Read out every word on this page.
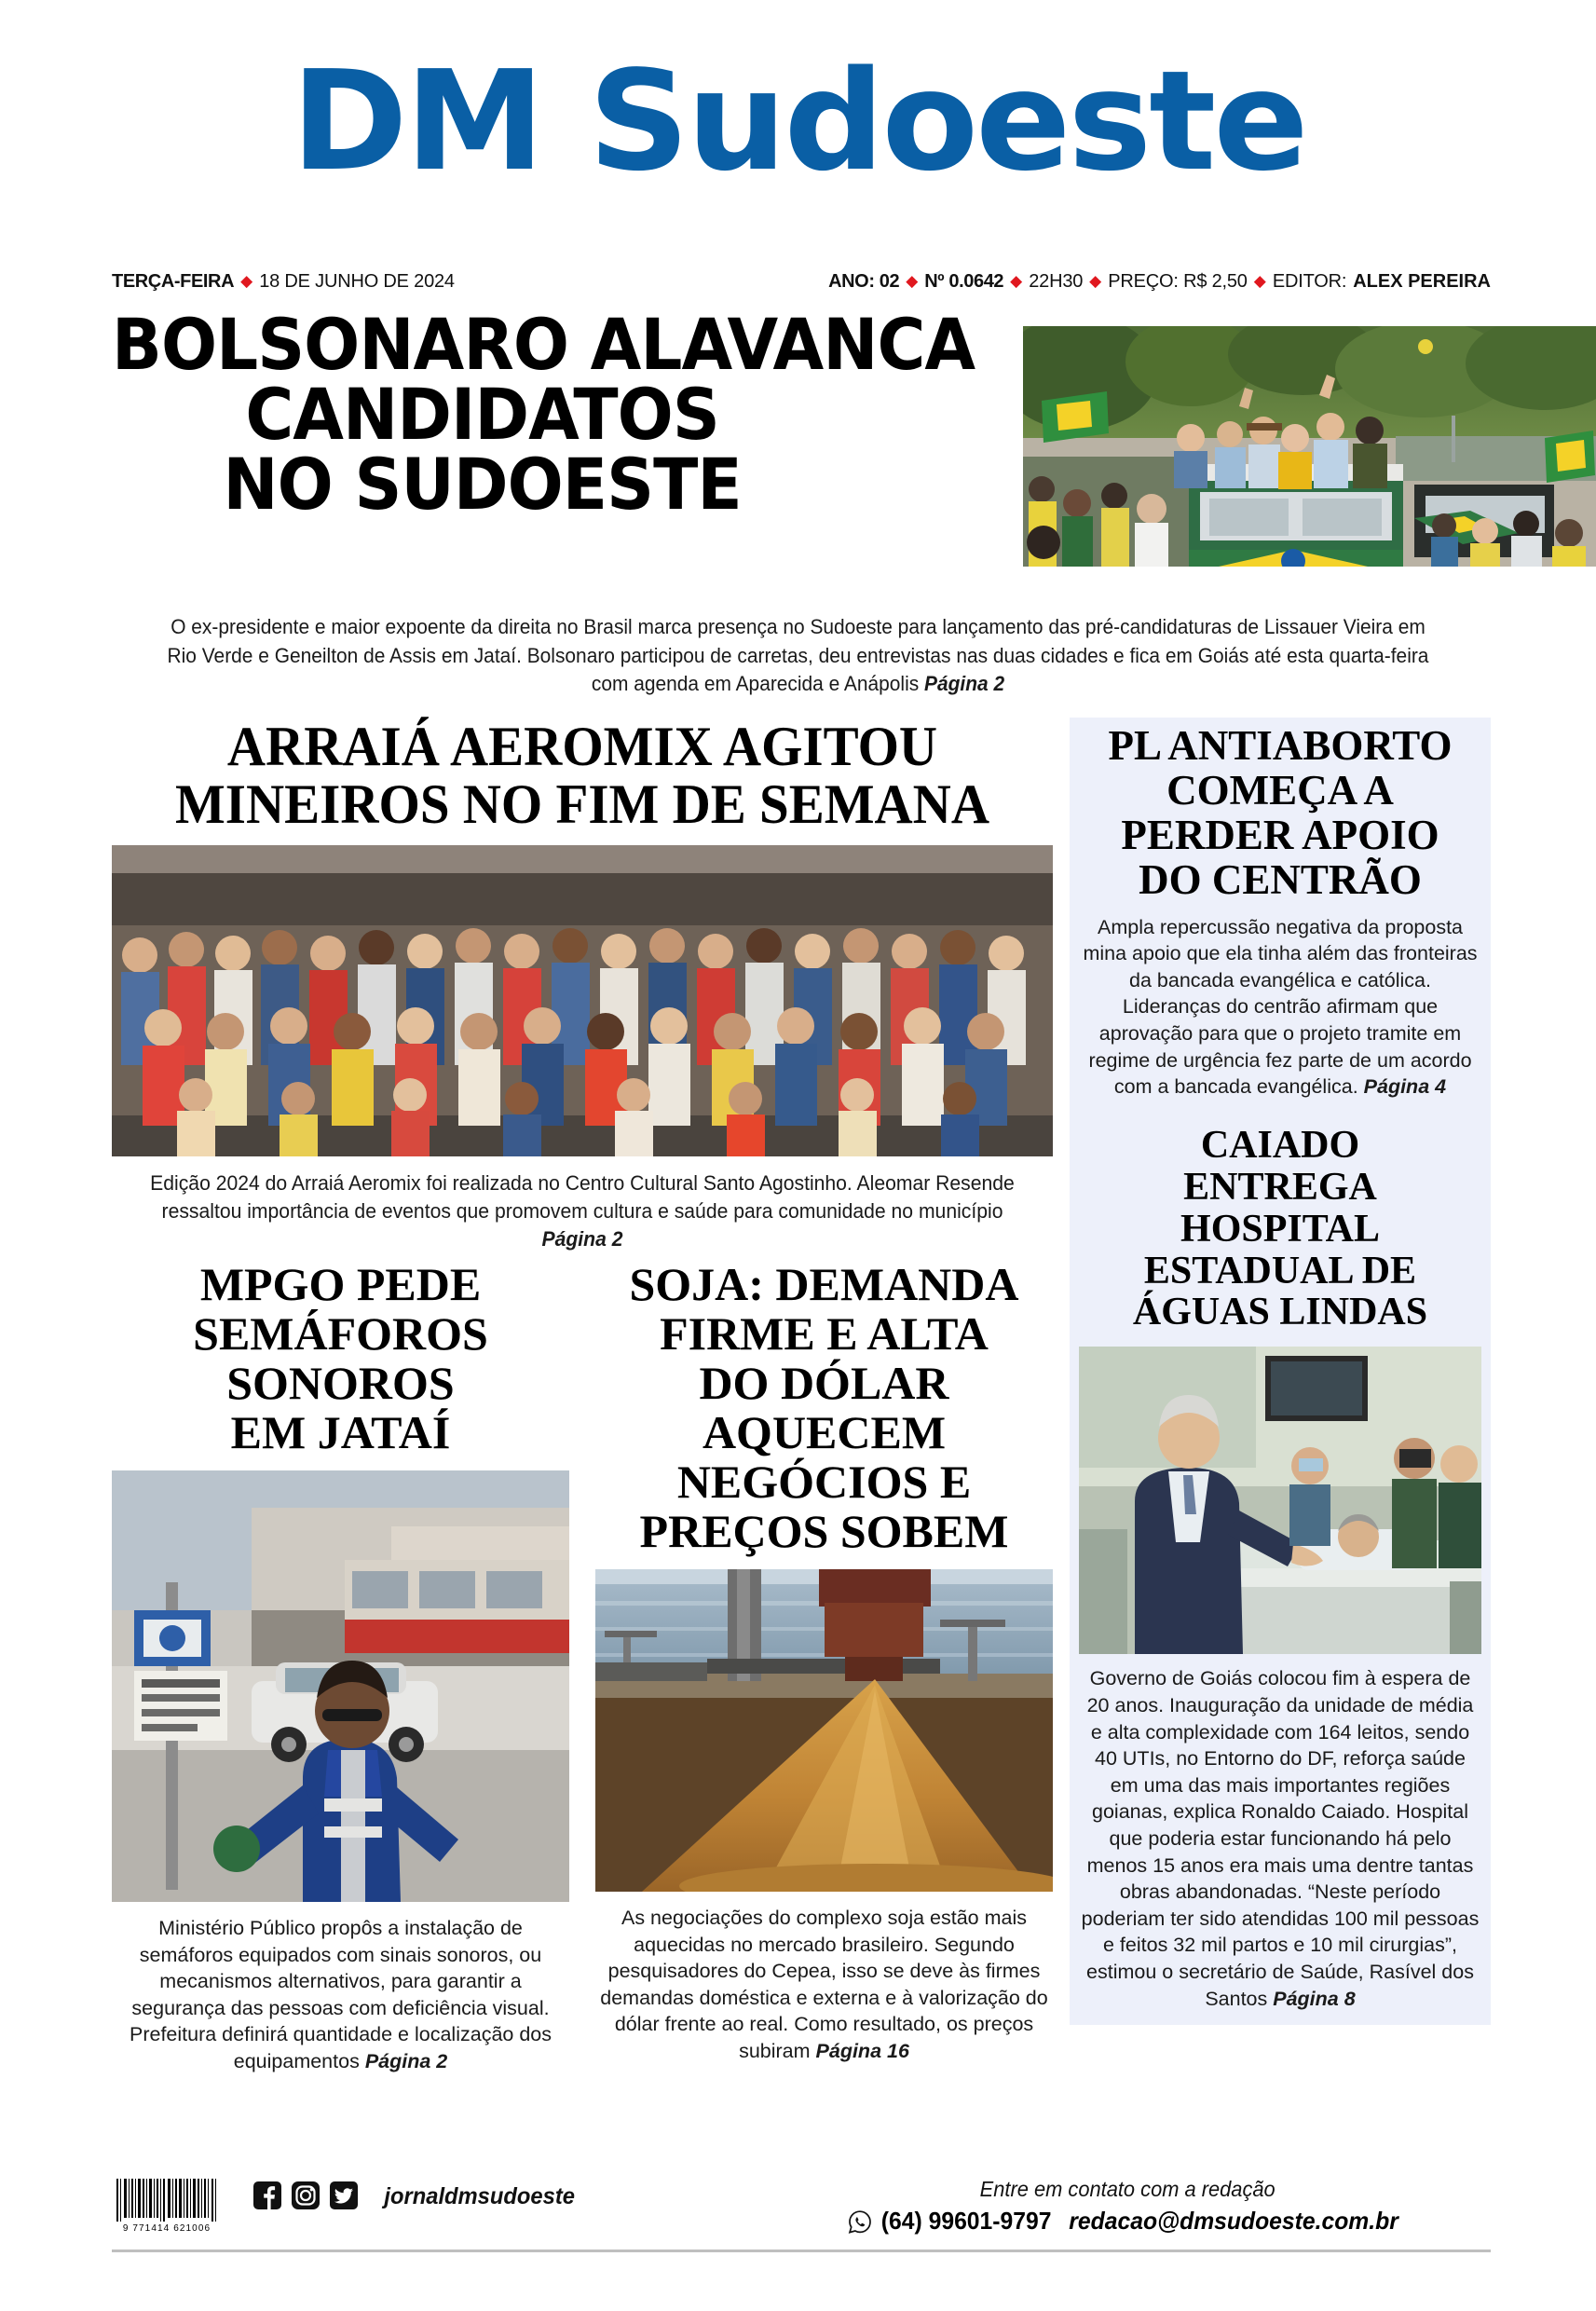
DM Sudoeste
TERÇA-FEIRA ◆ 18 DE JUNHO DE 2024	ANO: 02 ◆ Nº 0.0642 ◆ 22H30 ◆ PREÇO: R$ 2,50 ◆ EDITOR: ALEX PEREIRA
BOLSONARO ALAVANCA
CANDIDATOS
NO SUDOESTE
O ex-presidente e maior expoente da direita no Brasil marca presença no Sudoeste para lançamento das pré-candidaturas de Lissauer Vieira em Rio Verde e Geneilton de Assis em Jataí. Bolsonaro participou de carretas, deu entrevistas nas duas cidades e fica em Goiás até esta quarta-feira com agenda em Aparecida e Anápolis Página 2
ARRAIÁ AEROMIX AGITOU
MINEIROS NO FIM DE SEMANA
Edição 2024 do Arraiá Aeromix foi realizada no Centro Cultural Santo Agostinho. Aleomar Resende ressaltou importância de eventos que promovem cultura e saúde para comunidade no município Página 2
MPGO PEDE
SEMÁFOROS
SONOROS
EM JATAÍ
Ministério Público propôs a instalação de semáforos equipados com sinais sonoros, ou mecanismos alternativos, para garantir a segurança das pessoas com deficiência visual. Prefeitura definirá quantidade e localização dos equipamentos Página 2
SOJA: DEMANDA
FIRME E ALTA
DO DÓLAR
AQUECEM
NEGÓCIOS E
PREÇOS SOBEM
As negociações do complexo soja estão mais aquecidas no mercado brasileiro. Segundo pesquisadores do Cepea, isso se deve às firmes demandas doméstica e externa e à valorização do dólar frente ao real. Como resultado, os preços subiram Página 16
PL ANTIABORTO
COMEÇA A
PERDER APOIO
DO CENTRÃO
Ampla repercussão negativa da proposta mina apoio que ela tinha além das fronteiras da bancada evangélica e católica. Lideranças do centrão afirmam que aprovação para que o projeto tramite em regime de urgência fez parte de um acordo com a bancada evangélica. Página 4
CAIADO
ENTREGA
HOSPITAL
ESTADUAL DE
ÁGUAS LINDAS
Governo de Goiás colocou fim à espera de 20 anos. Inauguração da unidade de média e alta complexidade com 164 leitos, sendo 40 UTIs, no Entorno do DF, reforça saúde em uma das mais importantes regiões goianas, explica Ronaldo Caiado. Hospital que poderia estar funcionando há pelo menos 15 anos era mais uma dentre tantas obras abandonadas. “Neste período poderiam ter sido atendidas 100 mil pessoas e feitos 32 mil partos e 10 mil cirurgias”, estimou o secretário de Saúde, Rasível dos Santos Página 8
9 771414 621006
jornaldmsudoeste	Entre em contato com a redação
(64) 99601-9797 redacao@dmsudoeste.com.br
